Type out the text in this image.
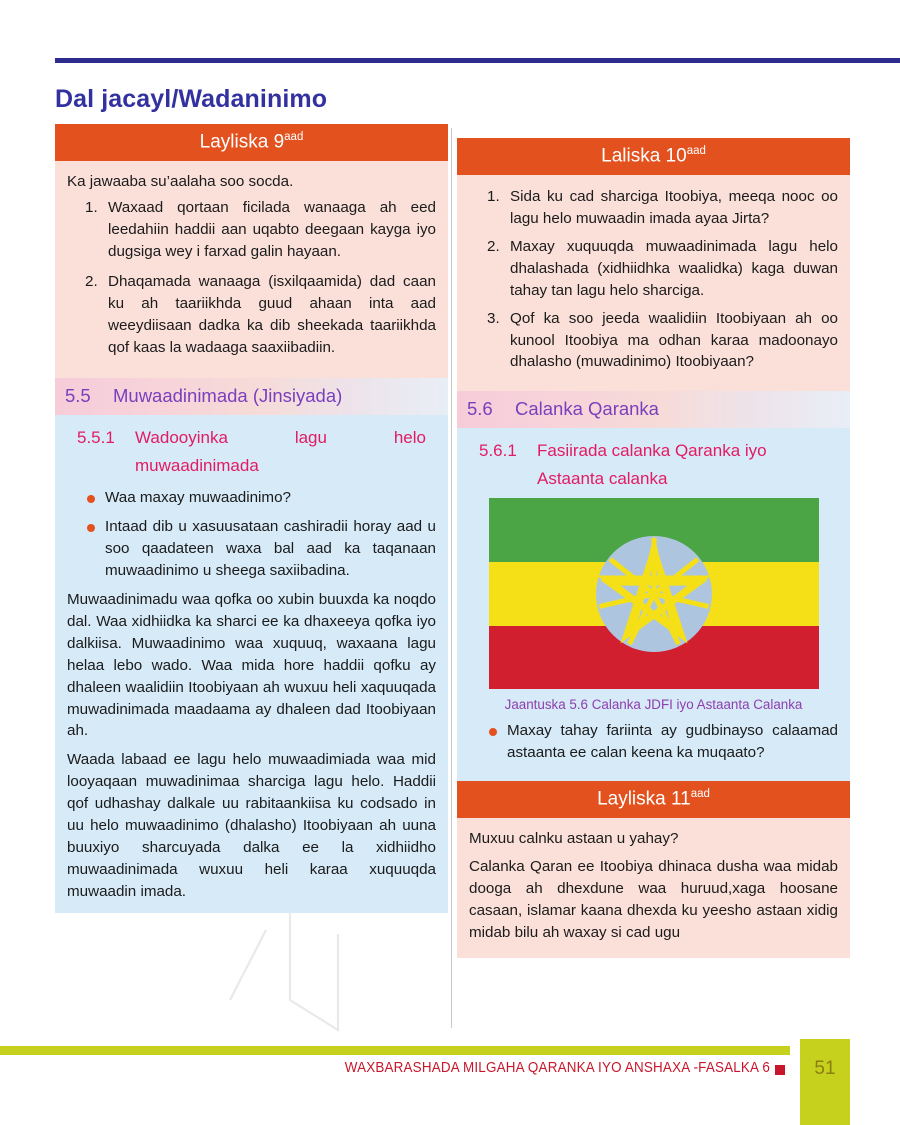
Dal jacayl/Wadaninimo
Layliska $9^{aad}$

Ka jawaaba su’aalaha soo socda.

Waxaad qortaan ficilada wanaaga ah eed leedahiin haddii aan uqabto deegaan kayga iyo dugsiga wey i farxad galin hayaan.
Dhaqamada wanaaga (isxilqaamida) dad caan ku ah taariikhda guud ahaan inta aad weeydiisaan dadka ka dib sheekada taariikhda qof kaas la wadaaga saaxiibadiin.
5.5	Muwaadinimada (Jinsiyada)
5.5.1	Wadooyinka lagu helo
muwaadinimada
Waa maxay muwaadinimo?
Intaad dib u xasuusataan cashiradii horay aad u soo qaadateen waxa bal aad ka taqanaan muwaadinimo u sheega saxiibadina.

Muwaadinimadu waa qofka oo xubin buuxda ka noqdo dal. Waa xidhiidka ka sharci ee ka dhaxeeya qofka iyo dalkiisa. Muwaadinimo waa xuquuq, waxaana lagu helaa lebo wado. Waa mida hore haddii qofku ay dhaleen waalidiin Itoobiyaan ah wuxuu heli xaquuqada muwadinimada maadaama ay dhaleen dad Itoobiyaan ah.

Waada labaad ee lagu helo muwaadimiada waa mid looyaqaan muwadinimaa sharciga lagu helo. Haddii qof udhashay dalkale uu rabitaankiisa ku codsado in uu helo muwaadinimo (dhalasho) Itoobiyaan ah uuna buuxiyo sharcuyada dalka ee la xidhiidho muwaadinimada wuxuu heli karaa xuquuqda muwaadin imada.

Laliska $10^{aad}$
Sida ku cad sharciga Itoobiya, meeqa nooc oo lagu helo muwaadin imada ayaa Jirta?
Maxay xuquuqda muwaadinimada lagu helo dhalashada (xidhiidhka waalidka) kaga duwan tahay tan lagu helo sharciga.
Qof ka soo jeeda waalidiin Itoobiyaan ah oo kunool Itoobiya ma odhan karaa madoonayo dhalasho (muwadinimo) Itoobiyaan?
5.6	Calanka Qaranka
5.6.1	Fasiirada calanka Qaranka iyo
Astaanta calanka
Jaantuska 5.6 Calanka JDFI iyo Astaanta Calanka
Maxay tahay fariinta ay gudbinayso calaamad astaanta ee calan keena ka muqaato?
Layliska $11^{aad}$

Muxuu calnku astaan u yahay?

Calanka Qaran ee Itoobiya dhinaca dusha waa midab dooga ah dhexdune waa huruud,xaga hoosane casaan, islamar kaana dhexda ku yeesho astaan xidig midab bilu ah waxay si cad ugu

WAXBARASHADA MILGAHA QARANKA IYO ANSHAXA -FASALKA 6	51
